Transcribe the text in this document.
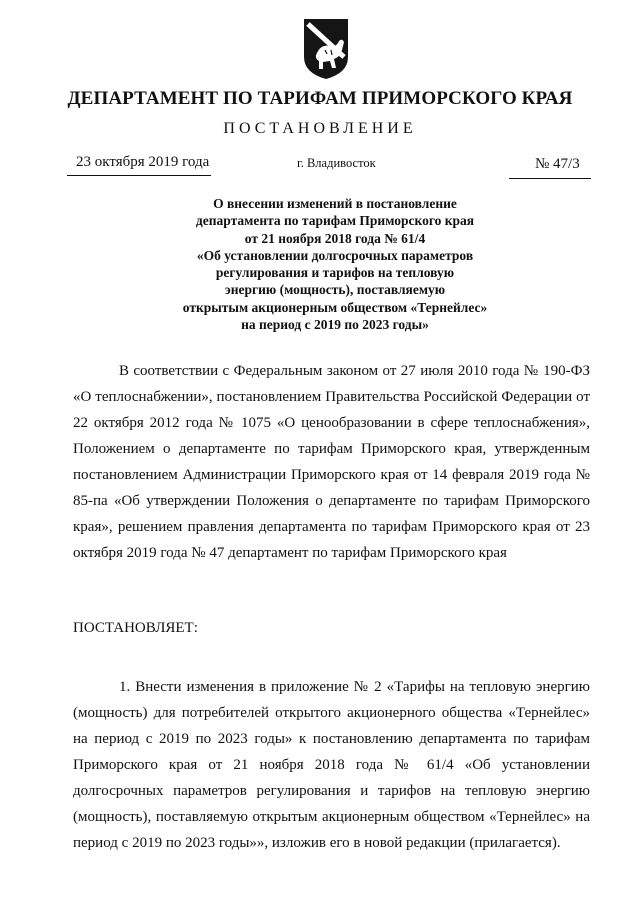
ДЕПАРТАМЕНТ ПО ТАРИФАМ ПРИМОРСКОГО КРАЯ
ПОСТАНОВЛЕНИЕ
23 октября 2019 года	г. Владивосток	№ 47/3
О внесении изменений в постановление
департамента по тарифам Приморского края
от 21 ноября 2018 года № 61/4
«Об установлении долгосрочных параметров
регулирования и тарифов на тепловую
энергию (мощность), поставляемую
открытым акционерным обществом «Тернейлес»
на период с 2019 по 2023 годы»

В соответствии с Федеральным законом от 27 июля 2010 года № 190-ФЗ «О теплоснабжении», постановлением Правительства Российской Федерации от 22 октября 2012 года № 1075 «О ценообразовании в сфере теплоснабжения», Положением о департаменте по тарифам Приморского края, утвержденным постановлением Администрации Приморского края от 14 февраля 2019 года № 85-па «Об утверждении Положения о департаменте по тарифам Приморского края», решением правления департамента по тарифам Приморского края от 23 октября 2019 года № 47 департамент по тарифам Приморского края

ПОСТАНОВЛЯЕТ:

1. Внести изменения в приложение № 2 «Тарифы на тепловую энергию (мощность) для потребителей открытого акционерного общества «Тернейлес» на период с 2019 по 2023 годы» к постановлению департамента по тарифам Приморского края от 21 ноября 2018 года № 61/4 «Об установлении долгосрочных параметров регулирования и тарифов на тепловую энергию (мощность), поставляемую открытым акционерным обществом «Тернейлес» на период с 2019 по 2023 годы»», изложив его в новой редакции (прилагается).
